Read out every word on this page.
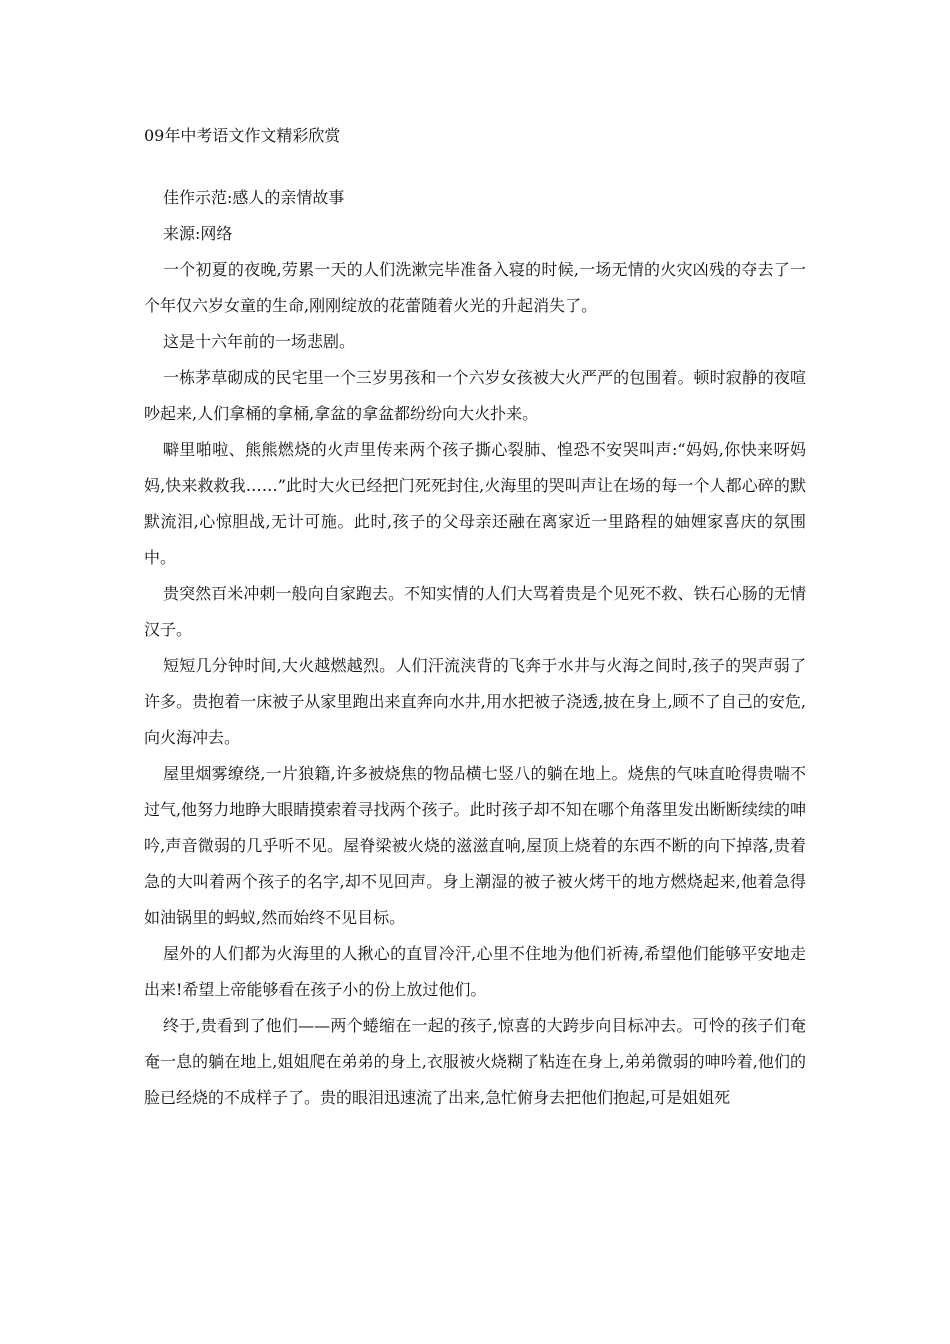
09年中考语文作文精彩欣赏

佳作示范:感人的亲情故事

来源:网络

一个初夏的夜晚,劳累一天的人们洗漱完毕准备入寝的时候,一场无情的火灾凶残的夺去了一个年仅六岁女童的生命,刚刚绽放的花蕾随着火光的升起消失了。

这是十六年前的一场悲剧。

一栋茅草砌成的民宅里一个三岁男孩和一个六岁女孩被大火严严的包围着。顿时寂静的夜喧吵起来,人们拿桶的拿桶,拿盆的拿盆都纷纷向大火扑来。

噼里啪啦、熊熊燃烧的火声里传来两个孩子撕心裂肺、惶恐不安哭叫声:“妈妈,你快来呀妈妈,快来救救我……”此时大火已经把门死死封住,火海里的哭叫声让在场的每一个人都心碎的默默流泪,心惊胆战,无计可施。此时,孩子的父母亲还融在离家近一里路程的妯娌家喜庆的氛围中。

贵突然百米冲刺一般向自家跑去。不知实情的人们大骂着贵是个见死不救、铁石心肠的无情汉子。

短短几分钟时间,大火越燃越烈。人们汗流浃背的飞奔于水井与火海之间时,孩子的哭声弱了许多。贵抱着一床被子从家里跑出来直奔向水井,用水把被子浇透,披在身上,顾不了自己的安危,向火海冲去。

屋里烟雾缭绕,一片狼籍,许多被烧焦的物品横七竖八的躺在地上。烧焦的气味直呛得贵喘不过气,他努力地睁大眼睛摸索着寻找两个孩子。此时孩子却不知在哪个角落里发出断断续续的呻吟,声音微弱的几乎听不见。屋脊梁被火烧的滋滋直响,屋顶上烧着的东西不断的向下掉落,贵着急的大叫着两个孩子的名字,却不见回声。身上潮湿的被子被火烤干的地方燃烧起来,他着急得如油锅里的蚂蚁,然而始终不见目标。

屋外的人们都为火海里的人揪心的直冒冷汗,心里不住地为他们祈祷,希望他们能够平安地走出来!希望上帝能够看在孩子小的份上放过他们。

终于,贵看到了他们——两个蜷缩在一起的孩子,惊喜的大跨步向目标冲去。可怜的孩子们奄奄一息的躺在地上,姐姐爬在弟弟的身上,衣服被火烧糊了粘连在身上,弟弟微弱的呻吟着,他们的脸已经烧的不成样子了。贵的眼泪迅速流了出来,急忙俯身去把他们抱起,可是姐姐死
